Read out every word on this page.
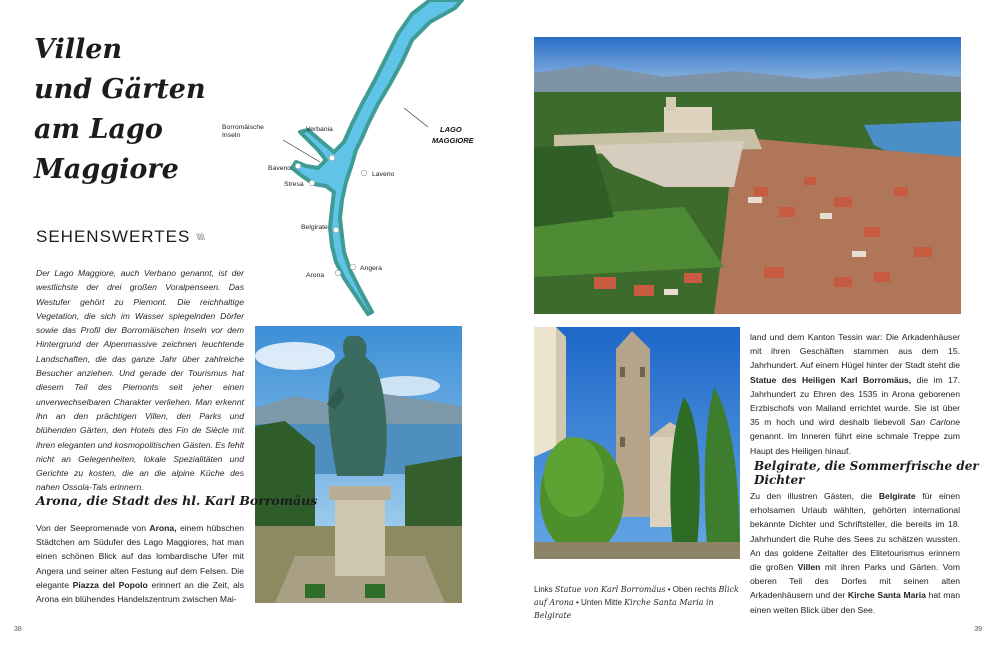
Borromäische
Inseln
Verbania
Baveno
Laveno
Stresa
Belgirate
Angera
Arona
LAGO
MAGGIORE
Villen
und Gärten
am Lago
Maggiore
SEHENSWERTES \\\\\

Der Lago Maggiore, auch Verbano genannt, ist der westlichste der drei großen Voralpenseen. Das Westufer gehört zu Piemont. Die reichhaltige Vegetation, die sich im Wasser spiegelnden Dörfer sowie das Profil der Borromäischen Inseln vor dem Hintergrund der Alpenmassive zeichnen leuchtende Landschaften, die das ganze Jahr über zahlreiche Besucher anziehen. Und gerade der Tourismus hat diesem Teil des Piemonts seit jeher einen unverwechselbaren Charakter verliehen. Man erkennt ihn an den prächtigen Villen, den Parks und blühenden Gärten, den Hotels des Fin de Siècle mit ihren eleganten und kosmopolitischen Gästen. Es fehlt nicht an Gelegenheiten, lokale Spezialitäten und Gerichte zu kosten, die an die alpine Küche des nahen Ossola-Tals erinnern.

Arona, die Stadt des hl. Karl Borromäus

Von der Seepromenade von Arona, einem hübschen Städtchen am Südufer des Lago Maggiores, hat man einen schönen Blick auf das lombardische Ufer mit Angera und seiner alten Festung auf dem Felsen. Die elegante Piazza del Popolo erinnert an die Zeit, als Arona ein blühendes Handelszentrum zwischen Mai-

38	39

Links Statue von Karl Borromäus • Oben rechts Blick auf Arona • Unten Mitte Kirche Santa Maria in Belgirate

land und dem Kanton Tessin war: Die Arkadenhäuser mit ihren Geschäften stammen aus dem 15. Jahrhundert. Auf einem Hügel hinter der Stadt steht die Statue des Heiligen Karl Borromäus, die im 17. Jahrhundert zu Ehren des 1535 in Arona geborenen Erzbischofs von Mailand errichtet wurde. Sie ist über 35 m hoch und wird deshalb liebevoll San Carlone genannt. Im Inneren führt eine schmale Treppe zum Haupt des Heiligen hinauf.

Belgirate, die Sommerfrische der Dichter

Zu den illustren Gästen, die Belgirate für einen erholsamen Urlaub wählten, gehörten international bekannte Dichter und Schriftsteller, die bereits im 18. Jahrhundert die Ruhe des Sees zu schätzen wussten. An das goldene Zeitalter des Elitetourismus erinnern die großen Villen mit ihren Parks und Gärten. Vom oberen Teil des Dorfes mit seinen alten Arkadenhäusern und der Kirche Santa Maria hat man einen weiten Blick über den See.
